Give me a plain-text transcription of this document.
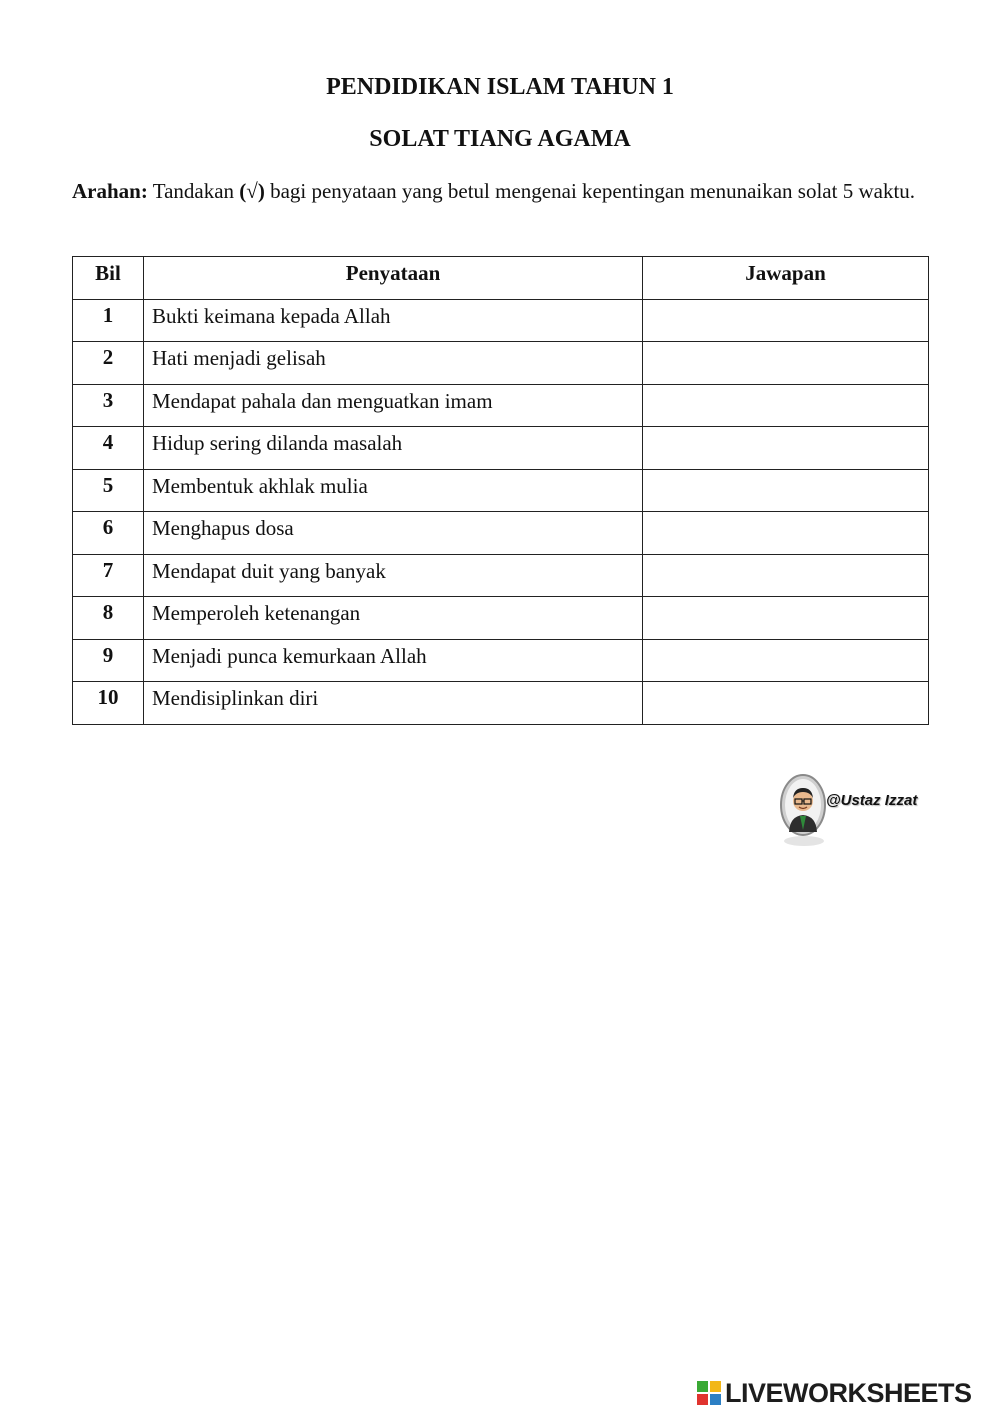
PENDIDIKAN ISLAM TAHUN 1
SOLAT TIANG AGAMA

Arahan: Tandakan (√) bagi penyataan yang betul mengenai kepentingan menunaikan solat 5 waktu.

Bil	Penyataan	Jawapan
1	Bukti keimana kepada Allah	
2	Hati menjadi gelisah	
3	Mendapat pahala dan menguatkan imam	
4	Hidup sering dilanda masalah	
5	Membentuk akhlak mulia	
6	Menghapus dosa	
7	Mendapat duit yang banyak	
8	Memperoleh ketenangan	
9	Menjadi punca kemurkaan Allah	
10	Mendisiplinkan diri	
@Ustaz Izzat
LIVEWORKSHEETS
